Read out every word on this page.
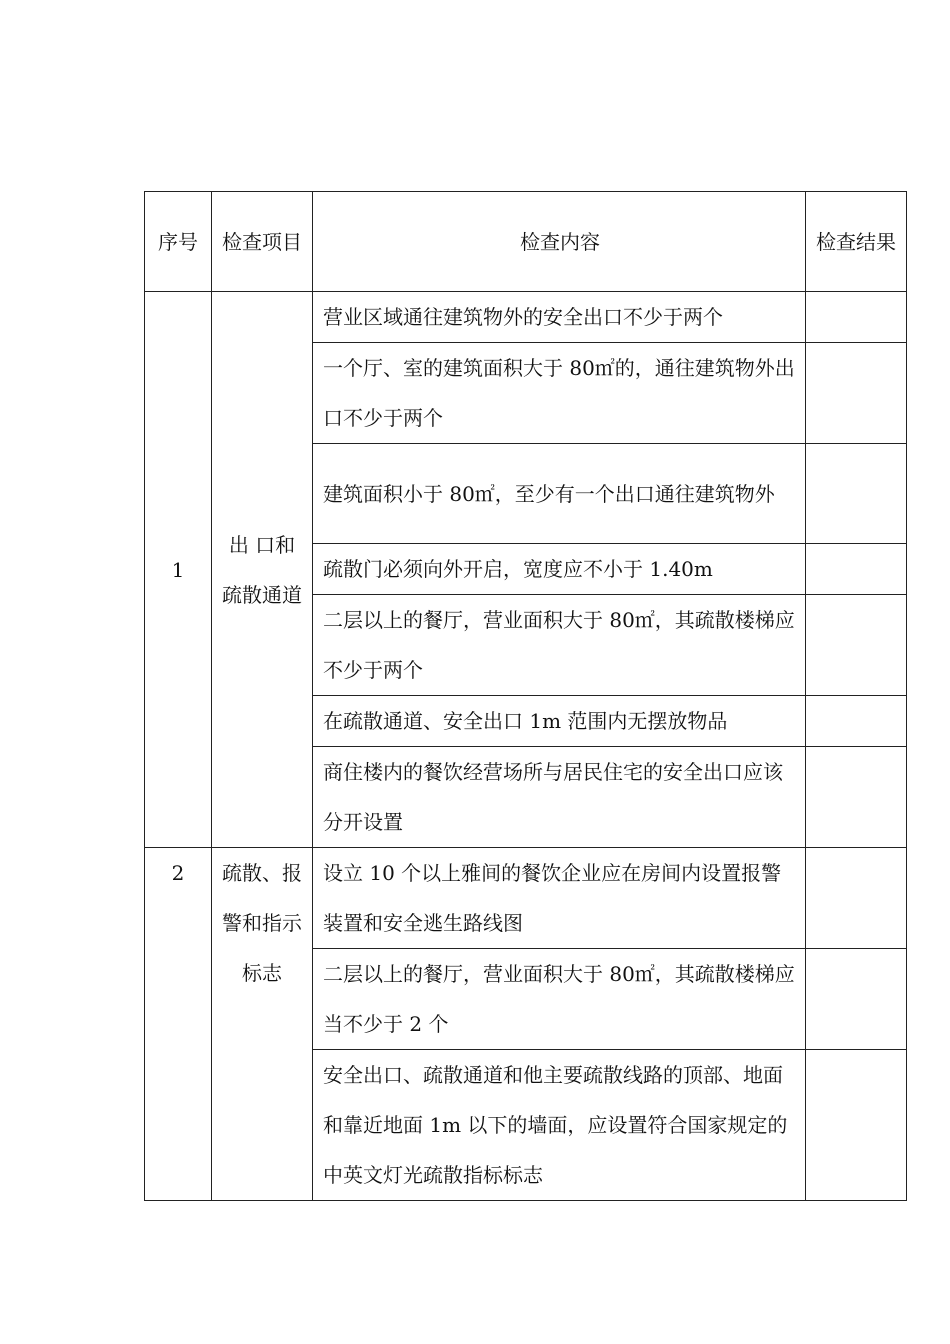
序号	检查项目	检查内容	检查结果
1	出 口和疏散通道	营业区域通往建筑物外的安全出口不少于两个	

		一个厅、室的建筑面积大于 80㎡的，通往建筑物外出口不少于两个	

		建筑面积小于 80㎡，至少有一个出口通往建筑物外	

		疏散门必须向外开启，宽度应不小于 1.40m	

		二层以上的餐厅，营业面积大于 80㎡，其疏散楼梯应不少于两个	

		在疏散通道、安全出口 1m 范围内无摆放物品	

		商住楼内的餐饮经营场所与居民住宅的安全出口应该分开设置	

2	疏散、报警和指示标志	设立 10 个以上雅间的餐饮企业应在房间内设置报警装置和安全逃生路线图	

		二层以上的餐厅，营业面积大于 80㎡，其疏散楼梯应当不少于 2 个	

		安全出口、疏散通道和他主要疏散线路的顶部、地面和靠近地面 1m 以下的墙面，应设置符合国家规定的中英文灯光疏散指标标志	
